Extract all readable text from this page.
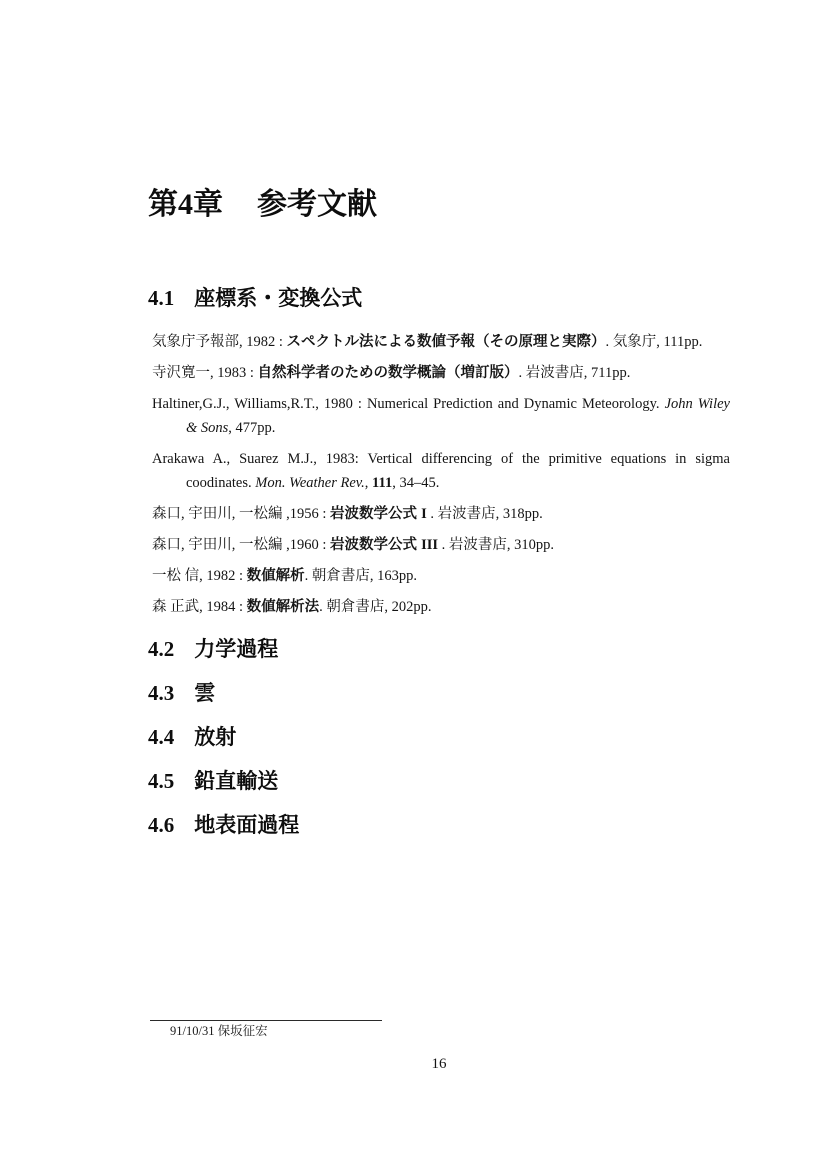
第4章 参考文献
4.1 座標系・変換公式

気象庁予報部, 1982 : スペクトル法による数値予報（その原理と実際）. 気象庁, 111pp.

寺沢寛一, 1983 : 自然科学者のための数学概論（増訂版）. 岩波書店, 711pp.

Haltiner,G.J., Williams,R.T., 1980 : Numerical Prediction and Dynamic Meteorology. John Wiley & Sons, 477pp.

Arakawa A., Suarez M.J., 1983: Vertical differencing of the primitive equations in sigma coodinates. Mon. Weather Rev., 111, 34–45.

森口, 宇田川, 一松編 ,1956 : 岩波数学公式 I . 岩波書店, 318pp.

森口, 宇田川, 一松編 ,1960 : 岩波数学公式 III . 岩波書店, 310pp.

一松 信, 1982 : 数値解析. 朝倉書店, 163pp.

森 正武, 1984 : 数値解析法. 朝倉書店, 202pp.

4.2 力学過程
4.3 雲
4.4 放射
4.5 鉛直輸送
4.6 地表面過程
91/10/31 保坂征宏
16
